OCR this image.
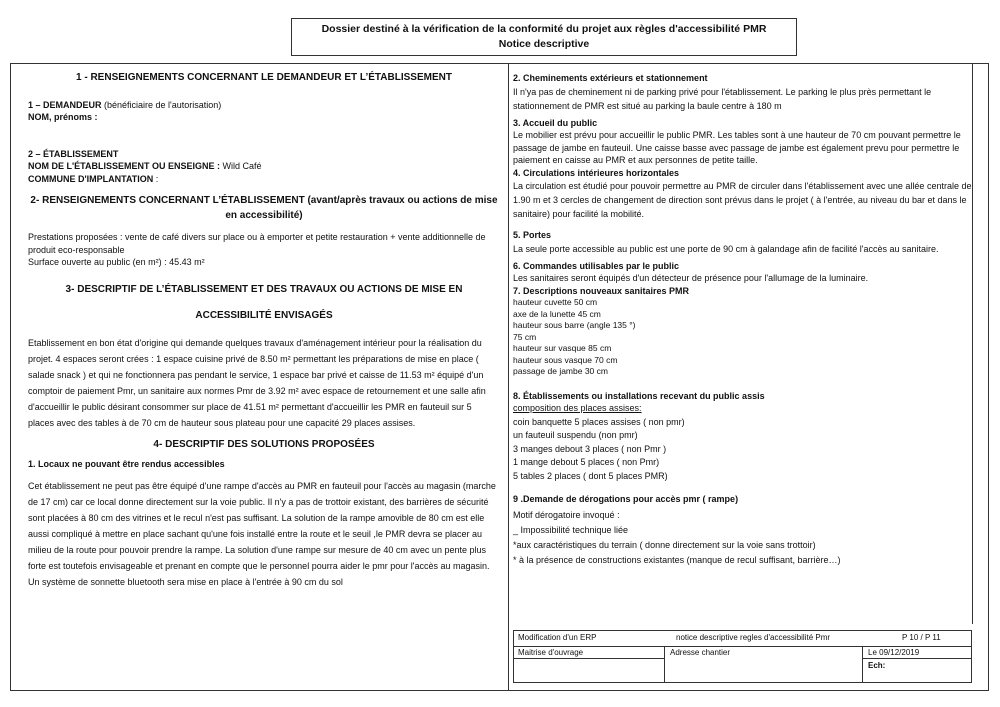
Dossier destiné à la vérification de la conformité du projet aux règles d'accessibilité PMR
Notice descriptive

1 - RENSEIGNEMENTS CONCERNANT LE DEMANDEUR ET L’ÉTABLISSEMENT

1 – DEMANDEUR (bénéficiaire de l'autorisation)

NOM, prénoms :

2 – ÉTABLISSEMENT

NOM DE L'ÉTABLISSEMENT OU ENSEIGNE : Wild Café

COMMUNE D'IMPLANTATION :

2- RENSEIGNEMENTS CONCERNANT L’ÉTABLISSEMENT (avant/après travaux ou actions de mise en accessibilité)

Prestations proposées : vente de café divers sur place ou à emporter et petite restauration + vente additionnelle de produit eco-responsable

Surface ouverte au public (en m²) : 45.43 m²

3- DESCRIPTIF DE L’ÉTABLISSEMENT ET DES TRAVAUX OU ACTIONS DE MISE EN ACCESSIBILITÉ ENVISAGÉS

Etablissement en bon état d'origine qui demande quelques travaux d'aménagement intérieur pour la réalisation du projet. 4 espaces seront crées : 1 espace cuisine privé de 8.50 m² permettant les préparations de mise en place ( salade snack ) et qui ne fonctionnera pas pendant le service, 1 espace bar privé et caisse de 11.53 m² équipé d'un comptoir de paiement Pmr, un sanitaire aux normes Pmr de 3.92 m² avec espace de retournement et une salle afin d'accueillir le public désirant consommer sur place de 41.51 m² permettant d'accueillir les PMR en fauteuil sur 5 places avec des tables à de 70 cm de hauteur sous plateau pour une capacité 29 places assises.

4- DESCRIPTIF DES SOLUTIONS PROPOSÉES

1. Locaux ne pouvant être rendus accessibles

Cet établissement ne peut pas être équipé d'une rampe d'accès au PMR en fauteuil pour l'accès au magasin (marche de 17 cm) car ce local donne directement sur la voie public. Il n'y a pas de trottoir existant, des barrières de sécurité sont placées à 80 cm des vitrines et le recul n'est pas suffisant. La solution de la rampe amovible de 80 cm est elle aussi compliqué à mettre en place sachant qu'une fois installé entre la route et le seuil ,le PMR devra se placer au milieu de la route pour pouvoir prendre la rampe. La solution d'une rampe sur mesure de 40 cm avec un pente plus forte est toutefois envisageable et prenant en compte que le personnel pourra aider le pmr pour l'accès au magasin. Un système de sonnette bluetooth sera mise en place à l'entrée à 90 cm du sol

2. Cheminements extérieurs et stationnement

Il n'ya pas de cheminement ni de parking privé pour l'établissement. Le parking le plus près permettant le stationnement de PMR est situé au parking la baule centre à 180 m

3. Accueil du public

Le mobilier est prévu pour accueillir le public PMR. Les tables sont à une hauteur de 70 cm pouvant permettre le passage de jambe en fauteuil. Une caisse basse avec passage de jambe est également prevu pour permettre le paiement en caisse au PMR et aux personnes de petite taille.

4. Circulations intérieures horizontales

La circulation est étudié pour pouvoir permettre au PMR de circuler dans l'établissement avec une allée centrale de 1.90 m et 3 cercles de changement de direction sont prévus dans le projet ( à l'entrée, au niveau du bar et dans le sanitaire) pour facilité la mobilité.

5. Portes

La seule porte accessible au public est une porte de 90 cm à galandage afin de facilité l'accès au sanitaire.

6. Commandes utilisables par le public

Les sanitaires seront équipés d'un détecteur de présence pour l'allumage de la luminaire.

7. Descriptions nouveaux sanitaires PMR

hauteur cuvette 50 cm

axe de la lunette 45 cm

hauteur sous barre (angle 135 °)

75 cm

hauteur sur vasque 85 cm

hauteur sous vasque 70 cm

passage de jambe 30 cm

8. Établissements ou installations recevant du public assis

composition des places assises:

coin banquette 5 places assises ( non pmr)

un fauteuil suspendu (non pmr)

3 manges debout 3 places ( non Pmr )

1 mange debout 5 places ( non Pmr)

5 tables 2 places ( dont 5 places PMR)

9 .Demande de dérogations pour accès pmr ( rampe)

Motif dérogatoire invoqué :

_ Impossibilité technique liée

*aux caractéristiques du terrain ( donne directement sur la voie sans trottoir)

* à la présence de constructions existantes (manque de recul suffisant, barrière…)

Modification d'un ERP	notice descriptive regles d'accessibilité Pmr	P 10 / P 11
Maitrise d'ouvrage	Adresse chantier	Le 09/12/2019
Ech:
